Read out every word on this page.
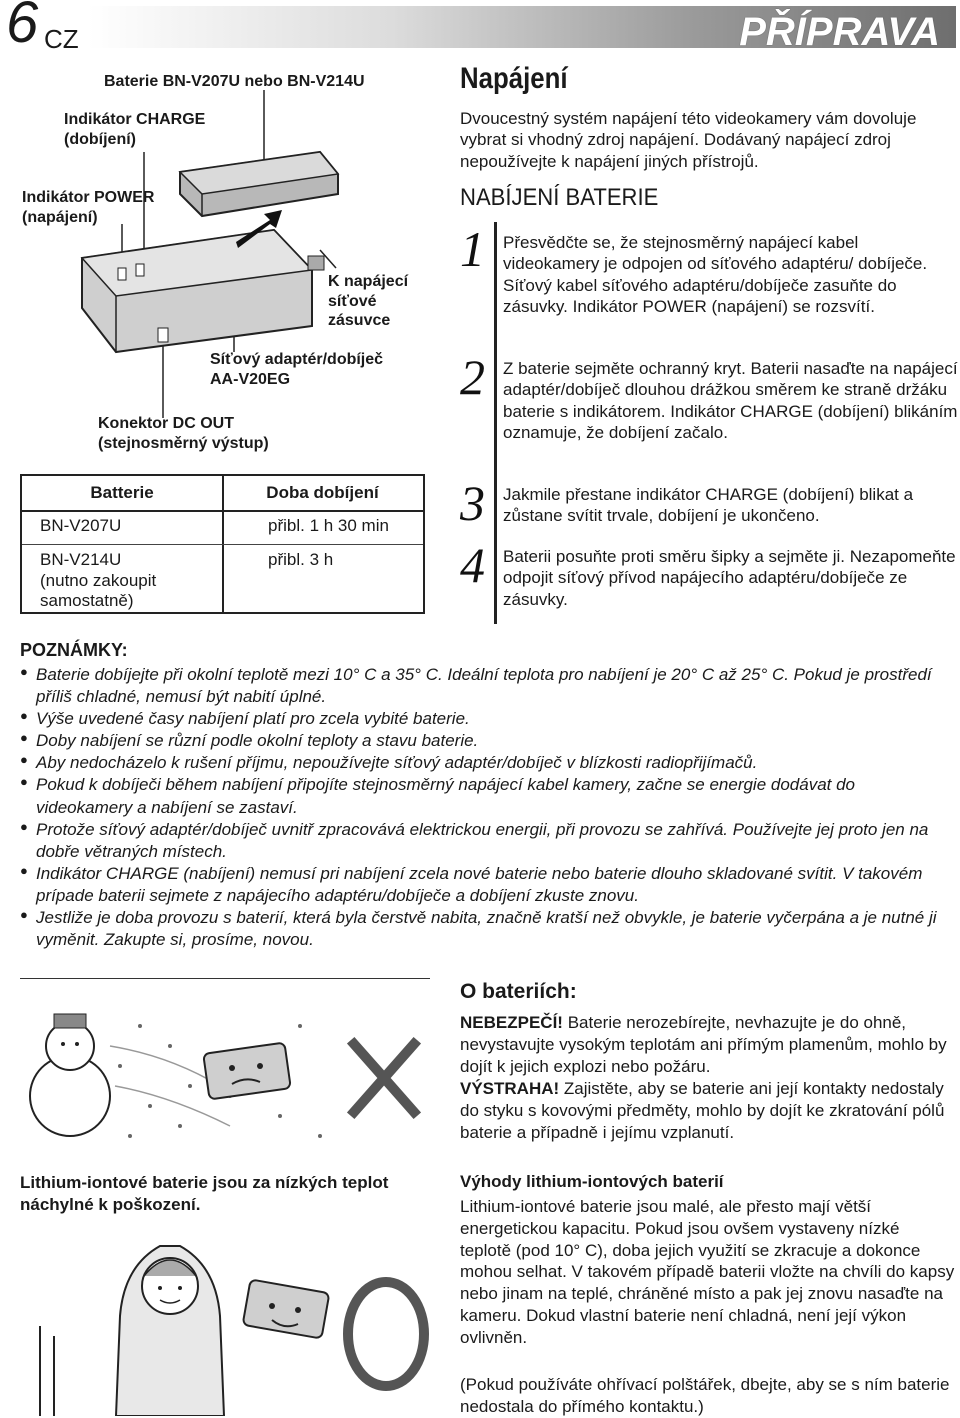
6 CZ	PŘÍPRAVA
Baterie BN-V207U nebo BN-V214U
Indikátor CHARGE
(dobíjení)
Indikátor POWER
(napájení)
K napájecí
síťové
zásuvce
Síťový adaptér/dobíječ
AA-V20EG
Konektor DC OUT
(stejnosměrný výstup)
Batterie
BN-V207U
BN-V214U
(nutno zakoupit
samostatně)
Doba dobíjení
přibl. 1 h 30 min
přibl. 3 h
Napájení
Dvoucestný systém napájení této videokamery vám dovoluje vybrat si vhodný zdroj napájení. Dodávaný napájecí zdroj nepoužívejte k napájení jiných přístrojů.
NABÍJENÍ BATERIE
1 Přesvědčte se, že stejnosměrný napájecí kabel videokamery je odpojen od síťového adaptéru/ dobíječe. Síťový kabel síťového adaptéru/dobíječe zasuňte do zásuvky. Indikátor POWER (napájení) se rozsvítí.
2 Z baterie sejměte ochranný kryt. Baterii nasaďte na napájecí adaptér/dobíječ dlouhou drážkou směrem ke straně držáku baterie s indikátorem. Indikátor CHARGE (dobíjení) blikáním oznamuje, že dobíjení začalo.
3 Jakmile přestane indikátor CHARGE (dobíjení) blikat a zůstane svítit trvale, dobíjení je ukončeno.
4 Baterii posuňte proti směru šipky a sejměte ji. Nezapomeňte odpojit síťový přívod napájecího adaptéru/dobíječe ze zásuvky.
POZNÁMKY:
● Baterie dobíjejte při okolní teplotě mezi 10° C a 35° C. Ideální teplota pro nabíjení je 20° C až 25° C. Pokud je prostředí příliš chladné, nemusí být nabití úplné.
● Výše uvedené časy nabíjení platí pro zcela vybité baterie.
● Doby nabíjení se různí podle okolní teploty a stavu baterie.
● Aby nedocházelo k rušení příjmu, nepoužívejte síťový adaptér/dobíječ v blízkosti radiopřijímačů.
● Pokud k dobíječi během nabíjení připojíte stejnosměrný napájecí kabel kamery, začne se energie dodávat do videokamery a nabíjení se zastaví.
● Protože síťový adaptér/dobíječ uvnitř zpracovává elektrickou energii, při provozu se zahřívá. Používejte jej proto jen na dobře větraných místech.
● Indikátor CHARGE (nabíjení) nemusí pri nabíjení zcela nové baterie nebo baterie dlouho skladované svítit. V takovém prípade baterii sejmete z napájecího adaptéru/dobíječe a dobíjení zkuste znovu.
● Jestliže je doba provozu s baterií, která byla čerstvě nabita, značně kratší než obvykle, je baterie vyčerpána a je nutné ji vyměnit. Zakupte si, prosíme, novou.
Lithium-iontové baterie jsou za nízkých teplot náchylné k poškození.
O bateriích:
NEBEZPEČÍ! Baterie nerozebírejte, nevhazujte je do ohně, nevystavujte vysokým teplotám ani přímým plamenům, mohlo by dojít k jejich explozi nebo požáru.
VÝSTRAHA! Zajistěte, aby se baterie ani její kontakty nedostaly do styku s kovovými předměty, mohlo by dojít ke zkratování pólů baterie a případně i jejímu vzplanutí.
Výhody lithium-iontových baterií
Lithium-iontové baterie jsou malé, ale přesto mají větší energetickou kapacitu. Pokud jsou ovšem vystaveny nízké teplotě (pod 10° C), doba jejich využití se zkracuje a dokonce mohou selhat. V takovém případě baterii vložte na chvíli do kapsy nebo jinam na teplé, chráněné místo a pak jej znovu nasaďte na kameru. Dokud vlastní baterie není chladná, není její výkon ovlivněn.
(Pokud používáte ohřívací polštářek, dbejte, aby se s ním baterie nedostala do přímého kontaktu.)
